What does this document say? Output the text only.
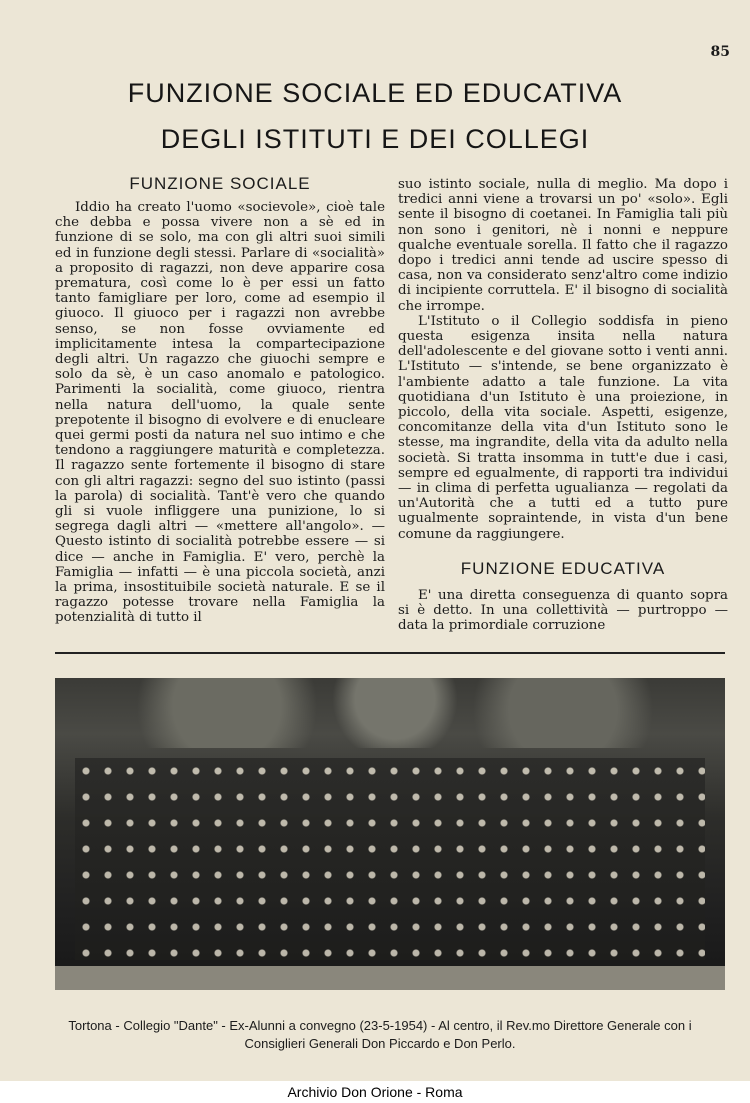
85
FUNZIONE SOCIALE ED EDUCATIVA
DEGLI ISTITUTI E DEI COLLEGI
FUNZIONE SOCIALE

Iddio ha creato l'uomo «socievole», cioè tale che debba e possa vivere non a sè ed in funzione di se solo, ma con gli altri suoi simili ed in funzione degli stessi. Parlare di «socialità» a proposito di ragazzi, non deve apparire cosa prematura, così come lo è per essi un fatto tanto famigliare per loro, come ad esempio il giuoco. Il giuoco per i ragazzi non avrebbe senso, se non fosse ovviamente ed implicitamente intesa la compartecipazione degli altri. Un ragazzo che giuochi sempre e solo da sè, è un caso anomalo e patologico. Parimenti la socialità, come giuoco, rientra nella natura dell'uomo, la quale sente prepotente il bisogno di evolvere e di enucleare quei germi posti da natura nel suo intimo e che tendono a raggiungere maturità e completezza. Il ragazzo sente fortemente il bisogno di stare con gli altri ragazzi: segno del suo istinto (passi la parola) di socialità. Tant'è vero che quando gli si vuole infliggere una punizione, lo si segrega dagli altri — «mettere all'angolo». — Questo istinto di socialità potrebbe essere — si dice — anche in Famiglia. E' vero, perchè la Famiglia — infatti — è una piccola società, anzi la prima, insostituibile società naturale. E se il ragazzo potesse trovare nella Famiglia la potenzialità di tutto il

suo istinto sociale, nulla di meglio. Ma dopo i tredici anni viene a trovarsi un po' «solo». Egli sente il bisogno di coetanei. In Famiglia tali più non sono i genitori, nè i nonni e neppure qualche eventuale sorella. Il fatto che il ragazzo dopo i tredici anni tende ad uscire spesso di casa, non va considerato senz'altro come indizio di incipiente corruttela. E' il bisogno di socialità che irrompe.

L'Istituto o il Collegio soddisfa in pieno questa esigenza insita nella natura dell'adolescente e del giovane sotto i venti anni. L'Istituto — s'intende, se bene organizzato è l'ambiente adatto a tale funzione. La vita quotidiana d'un Istituto è una proiezione, in piccolo, della vita sociale. Aspetti, esigenze, concomitanze della vita d'un Istituto sono le stesse, ma ingrandite, della vita da adulto nella società. Si tratta insomma in tutt'e due i casi, sempre ed egualmente, di rapporti tra individui — in clima di perfetta ugualianza — regolati da un'Autorità che a tutti ed a tutto pure ugualmente sopraintende, in vista d'un bene comune da raggiungere.

FUNZIONE EDUCATIVA

E' una diretta conseguenza di quanto sopra si è detto. In una collettività — purtroppo — data la primordiale corruzione

Tortona - Collegio "Dante" - Ex-Alunni a convegno (23-5-1954) - Al centro, il Rev.mo Direttore Generale con i Consiglieri Generali Don Piccardo e Don Perlo.

Archivio Don Orione - Roma
